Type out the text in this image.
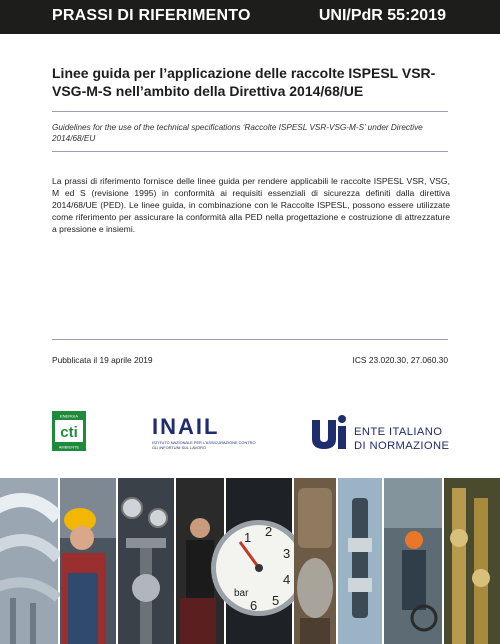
PRASSI DI RIFERIMENTO	UNI/PdR 55:2019
Linee guida per l’applicazione delle raccolte ISPESL VSR-VSG-M-S nell’ambito della Direttiva 2014/68/UE
Guidelines for the use of the technical specifications ‘Raccolte ISPESL VSR-VSG-M-S’ under Directive 2014/68/EU
La prassi di riferimento fornisce delle linee guida per rendere applicabili le raccolte ISPESL VSR, VSG, M ed S (revisione 1995) in conformità ai requisiti essenziali di sicurezza definiti dalla direttiva 2014/68/UE (PED). Le linee guida, in combinazione con le Raccolte ISPESL, possono essere utilizzate come riferimento per assicurare la conformità alla PED nella progettazione e costruzione di attrezzature a pressione e insiemi.
Pubblicata il 19 aprile 2019	ICS 23.020.30, 27.060.30
cti
ENERGIA
AMBIENTE
INAIL
ISTITUTO NAZIONALE PER L’ASSICURAZIONE CONTRO GLI INFORTUNI SUL LAVORO
ENTE ITALIANO
DI NORMAZIONE
1 2
3
4
5
6
bar
